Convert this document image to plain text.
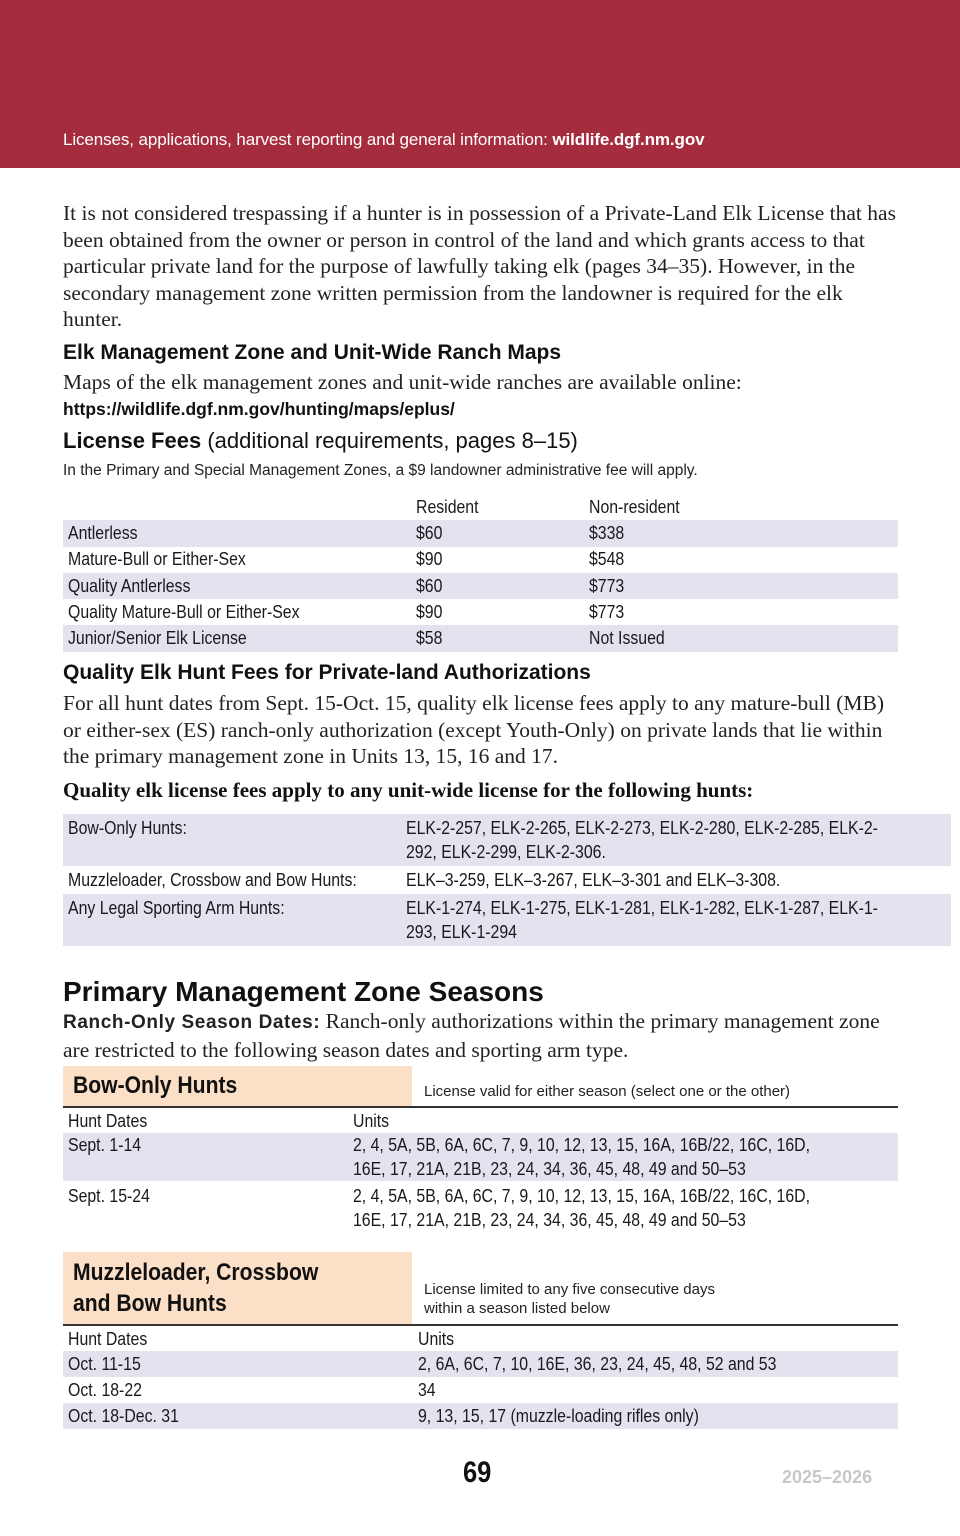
Licenses, applications, harvest reporting and general information: wildlife.dgf.nm.gov

It is not considered trespassing if a hunter is in possession of a Private-Land Elk License that has been obtained from the owner or person in control of the land and which grants access to that particular private land for the purpose of lawfully taking elk (pages 34–35). However, in the secondary management zone written permission from the landowner is required for the elk hunter.

Elk Management Zone and Unit-Wide Ranch Maps

Maps of the elk management zones and unit-wide ranches are available online:

https://wildlife.dgf.nm.gov/hunting/maps/eplus/
License Fees (additional requirements, pages 8–15)
In the Primary and Special Management Zones, a $9 landowner administrative fee will apply.
	Resident	Non-resident
Antlerless	$60	$338
Mature-Bull or Either-Sex	$90	$548
Quality Antlerless	$60	$773
Quality Mature-Bull or Either-Sex	$90	$773
Junior/Senior Elk License	$58	Not Issued
Quality Elk Hunt Fees for Private-land Authorizations

For all hunt dates from Sept. 15-Oct. 15, quality elk license fees apply to any mature-bull (MB) or either-sex (ES) ranch-only authorization (except Youth-Only) on private lands that lie within the primary management zone in Units 13, 15, 16 and 17.

Quality elk license fees apply to any unit-wide license for the following hunts:
Bow-Only Hunts:	ELK-2-257, ELK-2-265, ELK-2-273, ELK-2-280, ELK-2-285, ELK-2-292, ELK-2-299, ELK-2-306.

Muzzleloader, Crossbow and Bow Hunts:	ELK–3-259, ELK–3-267, ELK–3-301 and ELK–3-308.

Any Legal Sporting Arm Hunts:	ELK-1-274, ELK-1-275, ELK-1-281, ELK-1-282, ELK-1-287, ELK-1-293, ELK-1-294
Primary Management Zone Seasons

Ranch-Only Season Dates: Ranch-only authorizations within the primary management zone are restricted to the following season dates and sporting arm type.

Bow-Only Hunts	License valid for either season (select one or the other)
Hunt Dates	Units
Sept. 1-14	2, 4, 5A, 5B, 6A, 6C, 7, 9, 10, 12, 13, 15, 16A, 16B/22, 16C, 16D, 16E, 17, 21A, 21B, 23, 24, 34, 36, 45, 48, 49 and 50–53

Sept. 15-24	2, 4, 5A, 5B, 6A, 6C, 7, 9, 10, 12, 13, 15, 16A, 16B/22, 16C, 16D, 16E, 17, 21A, 21B, 23, 24, 34, 36, 45, 48, 49 and 50–53
Muzzleloader, Crossbow
and Bow Hunts
License limited to any five consecutive days
within a season listed below
Hunt Dates	Units
Oct. 11-15	2, 6A, 6C, 7, 10, 16E, 36, 23, 24, 45, 48, 52 and 53
Oct. 18-22	34
Oct. 18-Dec. 31	9, 13, 15, 17 (muzzle-loading rifles only)
69	2025–2026
